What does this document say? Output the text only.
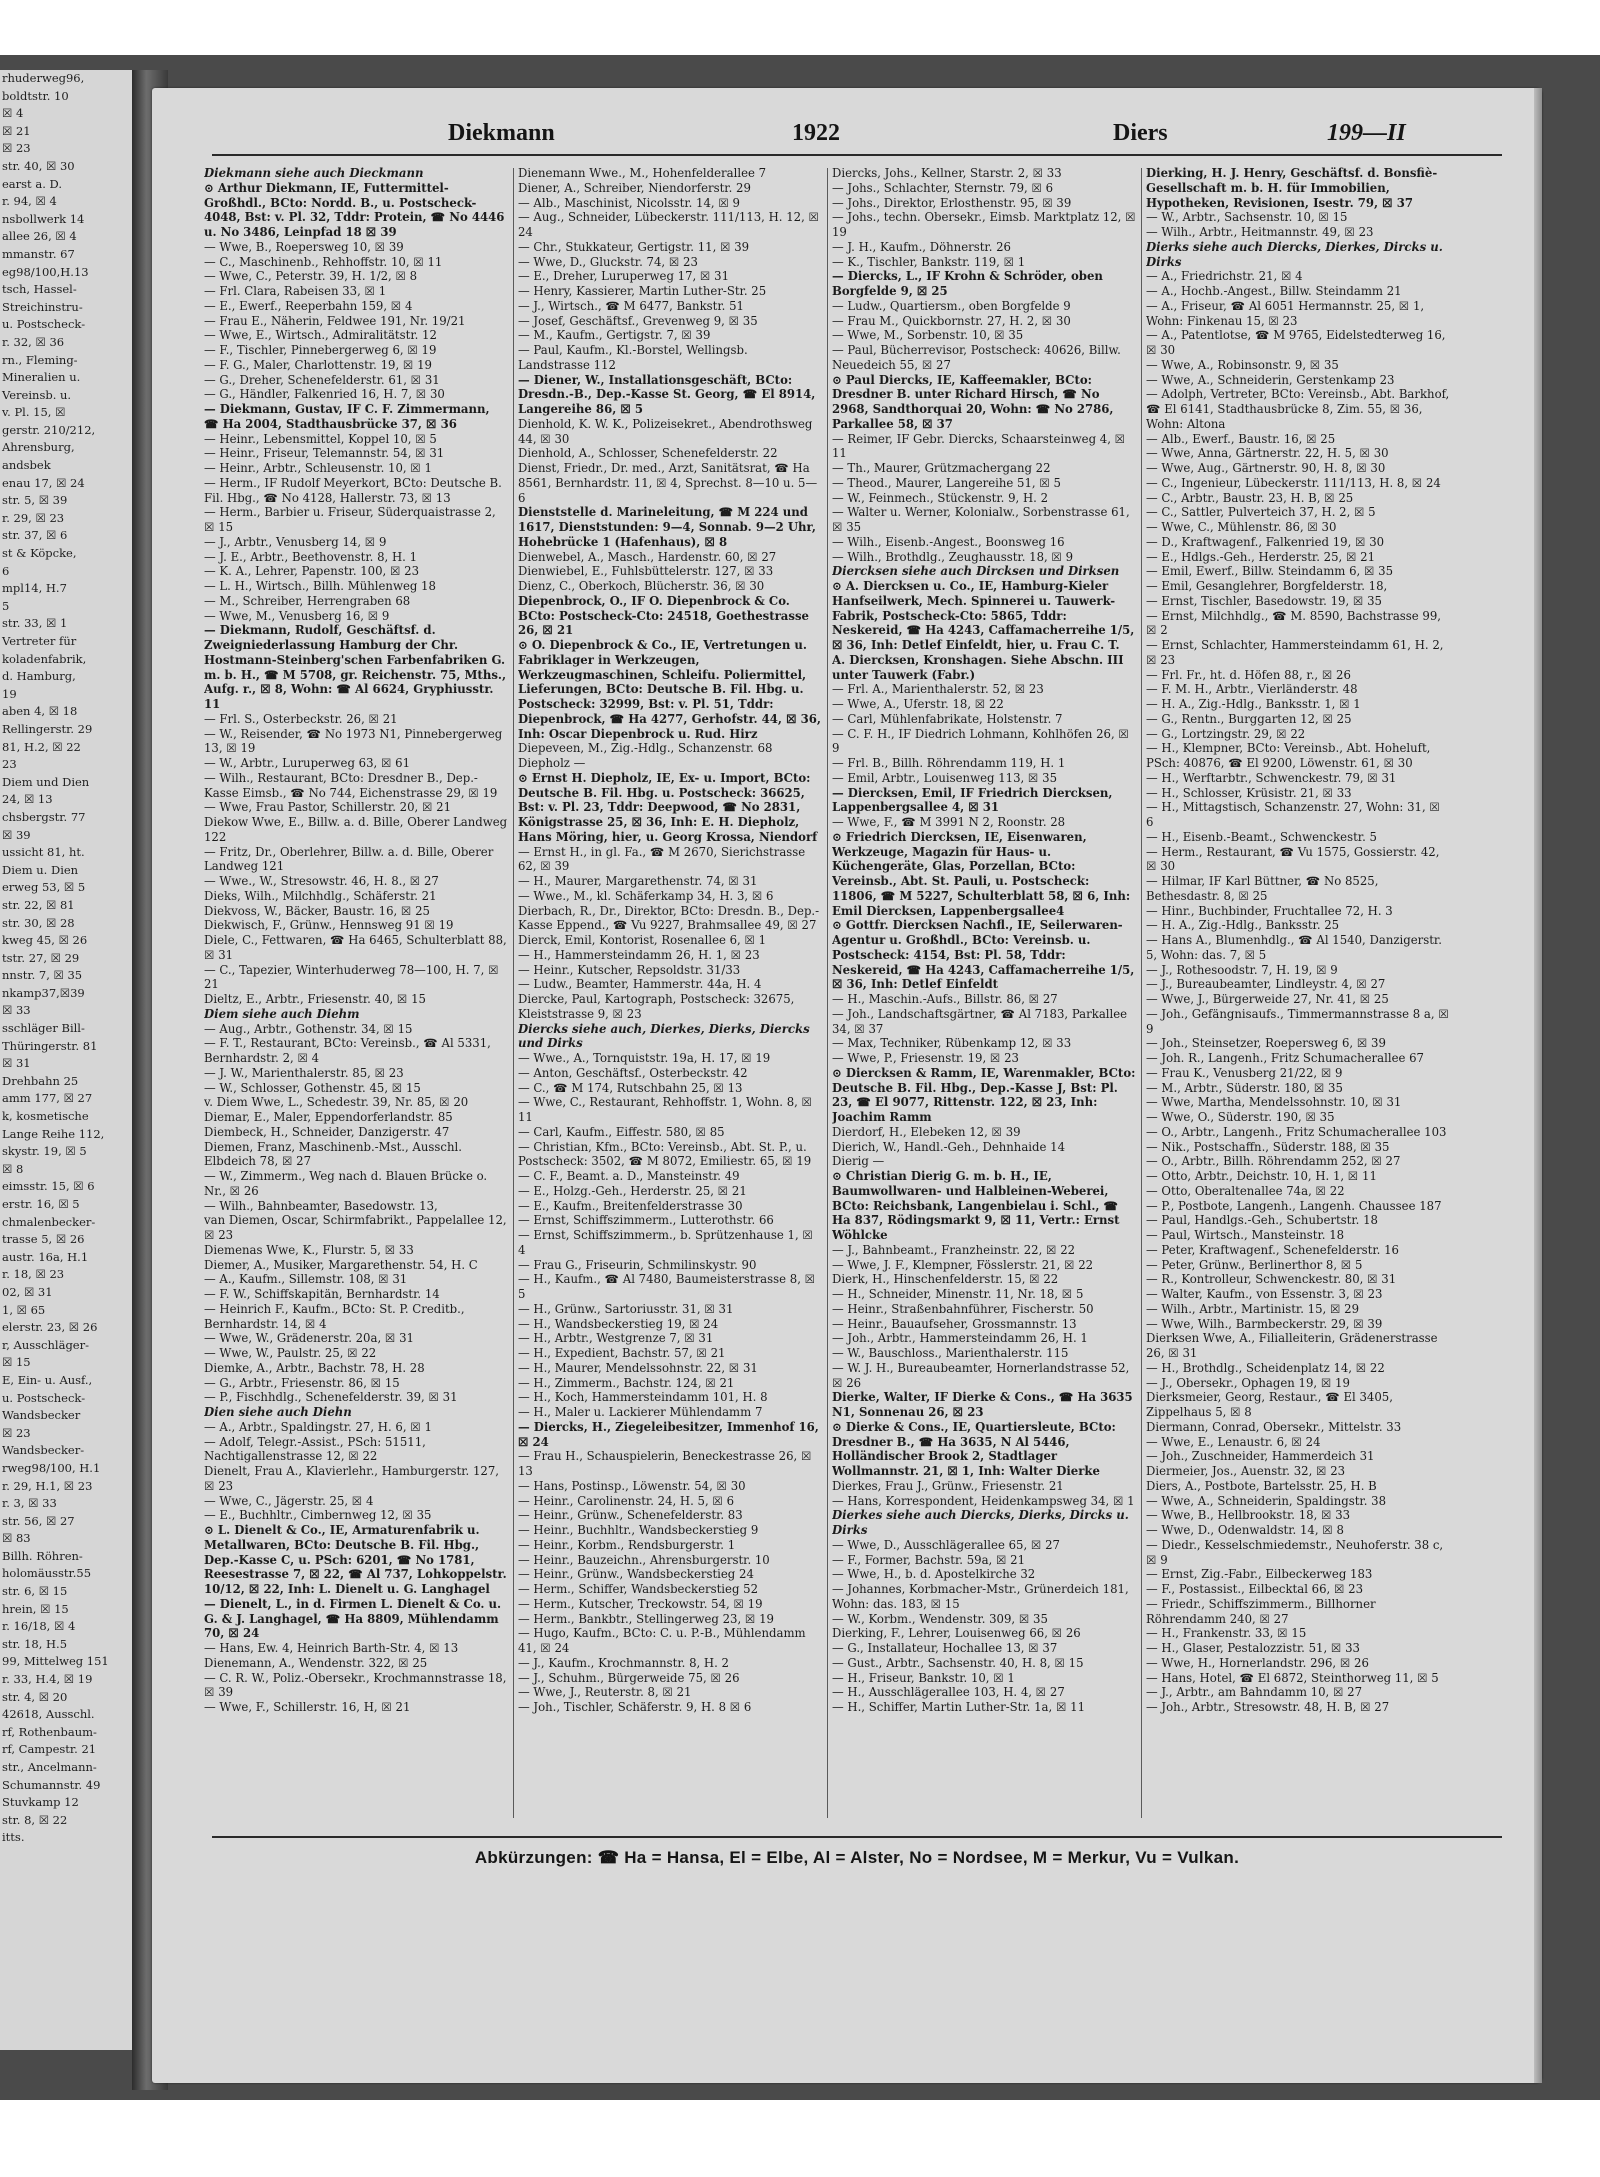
rhuderweg96,
boldtstr. 10
☒ 4
☒ 21
☒ 23
str. 40, ☒ 30
earst a. D.
r. 94, ☒ 4
nsbollwerk 14
allee 26, ☒ 4
mmanstr. 67
eg98/100,H.13
tsch, Hassel-
Streichinstru-
u. Postscheck-
r. 32, ☒ 36
rn., Fleming-
Mineralien u.
Vereinsb. u.
v. Pl. 15, ☒
gerstr. 210/212,
Ahrensburg,
andsbek
enau 17, ☒ 24
str. 5, ☒ 39
r. 29, ☒ 23
str. 37, ☒ 6
st & Köpcke,
6
mpl14, H.7
5
str. 33, ☒ 1
Vertreter für
koladenfabrik,
d. Hamburg,
19
aben 4, ☒ 18
Rellingerstr. 29
81, H.2, ☒ 22
23
Diem und Dien
24, ☒ 13
chsbergstr. 77
☒ 39
ussicht 81, ht.
Diem u. Dien
erweg 53, ☒ 5
str. 22, ☒ 81
str. 30, ☒ 28
kweg 45, ☒ 26
tstr. 27, ☒ 29
nnstr. 7, ☒ 35
nkamp37,☒39
☒ 33
sschläger Bill-
Thüringerstr. 81
☒ 31
Drehbahn 25
amm 177, ☒ 27
k, kosmetische
Lange Reihe 112,
skystr. 19, ☒ 5
☒ 8
eimsstr. 15, ☒ 6
erstr. 16, ☒ 5
chmalenbecker-
trasse 5, ☒ 26
austr. 16a, H.1
r. 18, ☒ 23
02, ☒ 31
1, ☒ 65
elerstr. 23, ☒ 26
r, Ausschläger-
☒ 15
E, Ein- u. Ausf.,
u. Postscheck-
Wandsbecker
☒ 23
Wandsbecker-
rweg98/100, H.1
r. 29, H.1, ☒ 23
r. 3, ☒ 33
str. 56, ☒ 27
☒ 83
Billh. Röhren-
holomäusstr.55
str. 6, ☒ 15
hrein, ☒ 15
r. 16/18, ☒ 4
str. 18, H.5
99, Mittelweg 151
r. 33, H.4, ☒ 19
str. 4, ☒ 20
42618, Ausschl.
rf, Rothenbaum-
rf, Campestr. 21
str., Ancelmann-
Schumannstr. 49
Stuvkamp 12
str. 8, ☒ 22
itts.
Diekmann	1922	Diers	199—II

Diekmann siehe auch Dieckmann

⊙ Arthur Diekmann, IE, Futtermittel-Großhdl., BCto: Nordd. B., u. Postscheck- 4048, Bst: v. Pl. 32, Tddr: Protein, ☎ No 4446 u. No 3486, Leinpfad 18 ☒ 39

— Wwe, B., Roepersweg 10, ☒ 39

— C., Maschinenb., Rehhoffstr. 10, ☒ 11

— Wwe, C., Peterstr. 39, H. 1/2, ☒ 8

— Frl. Clara, Rabeisen 33, ☒ 1

— E., Ewerf., Reeperbahn 159, ☒ 4

— Frau E., Näherin, Feldwee 191, Nr. 19/21

— Wwe, E., Wirtsch., Admiralitätstr. 12

— F., Tischler, Pinnebergerweg 6, ☒ 19

— F. G., Maler, Charlottenstr. 19, ☒ 19

— G., Dreher, Schenefelderstr. 61, ☒ 31

— G., Händler, Falkenried 16, H. 7, ☒ 30

— Diekmann, Gustav, IF C. F. Zimmermann, ☎ Ha 2004, Stadthausbrücke 37, ☒ 36

— Heinr., Lebensmittel, Koppel 10, ☒ 5

— Heinr., Friseur, Telemannstr. 54, ☒ 31

— Heinr., Arbtr., Schleusenstr. 10, ☒ 1

— Herm., IF Rudolf Meyerkort, BCto: Deutsche B. Fil. Hbg., ☎ No 4128, Hallerstr. 73, ☒ 13

— Herm., Barbier u. Friseur, Süderquaistrasse 2, ☒ 15

— J., Arbtr., Venusberg 14, ☒ 9

— J. E., Arbtr., Beethovenstr. 8, H. 1

— K. A., Lehrer, Papenstr. 100, ☒ 23

— L. H., Wirtsch., Billh. Mühlenweg 18

— M., Schreiber, Herrengraben 68

— Wwe, M., Venusberg 16, ☒ 9

— Diekmann, Rudolf, Geschäftsf. d. Zweigniederlassung Hamburg der Chr. Hostmann-Steinberg'schen Farbenfabriken G. m. b. H., ☎ M 5708, gr. Reichenstr. 75, Mths., Aufg. r., ☒ 8, Wohn: ☎ Al 6624, Gryphiusstr. 11

— Frl. S., Osterbeckstr. 26, ☒ 21

— W., Reisender, ☎ No 1973 N1, Pinnebergerweg 13, ☒ 19

— W., Arbtr., Luruperweg 63, ☒ 61

— Wilh., Restaurant, BCto: Dresdner B., Dep.-Kasse Eimsb., ☎ No 744, Eichenstrasse 29, ☒ 19

— Wwe, Frau Pastor, Schillerstr. 20, ☒ 21

Diekow Wwe, E., Billw. a. d. Bille, Oberer Landweg 122

— Fritz, Dr., Oberlehrer, Billw. a. d. Bille, Oberer Landweg 121

— Wwe., W., Stresowstr. 46, H. 8., ☒ 27

Dieks, Wilh., Milchhdlg., Schäferstr. 21

Diekvoss, W., Bäcker, Baustr. 16, ☒ 25

Diekwisch, F., Grünw., Hennsweg 91 ☒ 19

Diele, C., Fettwaren, ☎ Ha 6465, Schulterblatt 88, ☒ 31

— C., Tapezier, Winterhuderweg 78—100, H. 7, ☒ 21

Dieltz, E., Arbtr., Friesenstr. 40, ☒ 15

Diem siehe auch Diehm

— Aug., Arbtr., Gothenstr. 34, ☒ 15

— F. T., Restaurant, BCto: Vereinsb., ☎ Al 5331, Bernhardstr. 2, ☒ 4

— J. W., Marienthalerstr. 85, ☒ 23

— W., Schlosser, Gothenstr. 45, ☒ 15

v. Diem Wwe, L., Schedestr. 39, Nr. 85, ☒ 20

Diemar, E., Maler, Eppendorferlandstr. 85

Diembeck, H., Schneider, Danzigerstr. 47

Diemen, Franz, Maschinenb.-Mst., Ausschl. Elbdeich 78, ☒ 27

— W., Zimmerm., Weg nach d. Blauen Brücke o. Nr., ☒ 26

— Wilh., Bahnbeamter, Basedowstr. 13,

van Diemen, Oscar, Schirmfabrikt., Pappelallee 12, ☒ 23

Diemenas Wwe, K., Flurstr. 5, ☒ 33

Diemer, A., Musiker, Margarethenstr. 54, H. C

— A., Kaufm., Sillemstr. 108, ☒ 31

— F. W., Schiffskapitän, Bernhardstr. 14

— Heinrich F., Kaufm., BCto: St. P. Creditb., Bernhardstr. 14, ☒ 4

— Wwe, W., Grädenerstr. 20a, ☒ 31

— Wwe, W., Paulstr. 25, ☒ 22

Diemke, A., Arbtr., Bachstr. 78, H. 28

— G., Arbtr., Friesenstr. 86, ☒ 15

— P., Fischhdlg., Schenefelderstr. 39, ☒ 31

Dien siehe auch Diehn

— A., Arbtr., Spaldingstr. 27, H. 6, ☒ 1

— Adolf, Telegr.-Assist., PSch: 51511, Nachtigallenstrasse 12, ☒ 22

Dienelt, Frau A., Klavierlehr., Hamburgerstr. 127, ☒ 23

— Wwe, C., Jägerstr. 25, ☒ 4

— E., Buchhltr., Cimbernweg 12, ☒ 35

⊙ L. Dienelt & Co., IE, Armaturenfabrik u. Metallwaren, BCto: Deutsche B. Fil. Hbg., Dep.-Kasse C, u. PSch: 6201, ☎ No 1781, Reesestrasse 7, ☒ 22, ☎ Al 737, Lohkoppelstr. 10/12, ☒ 22, Inh: L. Dienelt u. G. Langhagel

— Dienelt, L., in d. Firmen L. Dienelt & Co. u. G. & J. Langhagel, ☎ Ha 8809, Mühlendamm 70, ☒ 24

— Hans, Ew. 4, Heinrich Barth-Str. 4, ☒ 13

Dienemann, A., Wendenstr. 322, ☒ 25

— C. R. W., Poliz.-Obersekr., Krochmannstrasse 18, ☒ 39

— Wwe, F., Schillerstr. 16, H, ☒ 21

Dienemann Wwe., M., Hohenfelderallee 7

Diener, A., Schreiber, Niendorferstr. 29

— Alb., Maschinist, Nicolsstr. 14, ☒ 9

— Aug., Schneider, Lübeckerstr. 111/113, H. 12, ☒ 24

— Chr., Stukkateur, Gertigstr. 11, ☒ 39

— Wwe, D., Gluckstr. 74, ☒ 23

— E., Dreher, Luruperweg 17, ☒ 31

— Henry, Kassierer, Martin Luther-Str. 25

— J., Wirtsch., ☎ M 6477, Bankstr. 51

— Josef, Geschäftsf., Grevenweg 9, ☒ 35

— M., Kaufm., Gertigstr. 7, ☒ 39

— Paul, Kaufm., Kl.-Borstel, Wellingsb. Landstrasse 112

— Diener, W., Installationsgeschäft, BCto: Dresdn.-B., Dep.-Kasse St. Georg, ☎ El 8914, Langereihe 86, ☒ 5

Dienhold, K. W. K., Polizeisekret., Abendrothsweg 44, ☒ 30

Dienhold, A., Schlosser, Schenefelderstr. 22

Dienst, Friedr., Dr. med., Arzt, Sanitätsrat, ☎ Ha 8561, Bernhardstr. 11, ☒ 4, Sprechst. 8—10 u. 5—6

Dienststelle d. Marineleitung, ☎ M 224 und 1617, Dienststunden: 9—4, Sonnab. 9—2 Uhr, Hohebrücke 1 (Hafenhaus), ☒ 8

Dienwebel, A., Masch., Hardenstr. 60, ☒ 27

Dienwiebel, E., Fuhlsbüttelerstr. 127, ☒ 33

Dienz, C., Oberkoch, Blücherstr. 36, ☒ 30

Diepenbrock, O., IF O. Diepenbrock & Co. BCto: Postscheck-Cto: 24518, Goethestrasse 26, ☒ 21

⊙ O. Diepenbrock & Co., IE, Vertretungen u. Fabriklager in Werkzeugen, Werkzeugmaschinen, Schleifu. Poliermittel, Lieferungen, BCto: Deutsche B. Fil. Hbg. u. Postscheck: 32999, Bst: v. Pl. 51, Tddr: Diepenbrock, ☎ Ha 4277, Gerhofstr. 44, ☒ 36, Inh: Oscar Diepenbrock u. Rud. Hirz

Diepeveen, M., Zig.-Hdlg., Schanzenstr. 68

Diepholz —

⊙ Ernst H. Diepholz, IE, Ex- u. Import, BCto: Deutsche B. Fil. Hbg. u. Postscheck: 36625, Bst: v. Pl. 23, Tddr: Deepwood, ☎ No 2831, Königstrasse 25, ☒ 36, Inh: E. H. Diepholz, Hans Möring, hier, u. Georg Krossa, Niendorf

— Ernst H., in gl. Fa., ☎ M 2670, Sierichstrasse 62, ☒ 39

— H., Maurer, Margarethenstr. 74, ☒ 31

— Wwe., M., kl. Schäferkamp 34, H. 3, ☒ 6

Dierbach, R., Dr., Direktor, BCto: Dresdn. B., Dep.-Kasse Eppend., ☎ Vu 9227, Brahmsallee 49, ☒ 27

Dierck, Emil, Kontorist, Rosenallee 6, ☒ 1

— H., Hammersteindamm 26, H. 1, ☒ 23

— Heinr., Kutscher, Repsoldstr. 31/33

— Ludw., Beamter, Hammerstr. 44a, H. 4

Diercke, Paul, Kartograph, Postscheck: 32675, Kleiststrasse 9, ☒ 23

Diercks siehe auch, Dierkes, Dierks, Diercks und Dirks

— Wwe., A., Tornquiststr. 19a, H. 17, ☒ 19

— Anton, Geschäftsf., Osterbeckstr. 42

— C., ☎ M 174, Rutschbahn 25, ☒ 13

— Wwe, C., Restaurant, Rehhoffstr. 1, Wohn. 8, ☒ 11

— Carl, Kaufm., Eiffestr. 580, ☒ 85

— Christian, Kfm., BCto: Vereinsb., Abt. St. P., u. Postscheck: 3502, ☎ M 8072, Emiliestr. 65, ☒ 19

— C. F., Beamt. a. D., Mansteinstr. 49

— E., Holzg.-Geh., Herderstr. 25, ☒ 21

— E., Kaufm., Breitenfelderstrasse 30

— Ernst, Schiffszimmerm., Lutterothstr. 66

— Ernst, Schiffszimmerm., b. Sprützenhause 1, ☒ 4

— Frau G., Friseurin, Schmilinskystr. 90

— H., Kaufm., ☎ Al 7480, Baumeisterstrasse 8, ☒ 5

— H., Grünw., Sartoriusstr. 31, ☒ 31

— H., Wandsbeckerstieg 19, ☒ 24

— H., Arbtr., Westgrenze 7, ☒ 31

— H., Expedient, Bachstr. 57, ☒ 21

— H., Maurer, Mendelssohnstr. 22, ☒ 31

— H., Zimmerm., Bachstr. 124, ☒ 21

— H., Koch, Hammersteindamm 101, H. 8

— H., Maler u. Lackierer Mühlendamm 7

— Diercks, H., Ziegeleibesitzer, Immenhof 16, ☒ 24

— Frau H., Schauspielerin, Beneckestrasse 26, ☒ 13

— Hans, Postinsp., Löwenstr. 54, ☒ 30

— Heinr., Carolinenstr. 24, H. 5, ☒ 6

— Heinr., Grünw., Schenefelderstr. 83

— Heinr., Buchhltr., Wandsbeckerstieg 9

— Heinr., Korbm., Rendsburgerstr. 1

— Heinr., Bauzeichn., Ahrensburgerstr. 10

— Heinr., Grünw., Wandsbeckerstieg 24

— Herm., Schiffer, Wandsbeckerstieg 52

— Herm., Kutscher, Treckowstr. 54, ☒ 19

— Herm., Bankbtr., Stellingerweg 23, ☒ 19

— Hugo, Kaufm., BCto: C. u. P.-B., Mühlendamm 41, ☒ 24

— J., Kaufm., Krochmannstr. 8, H. 2

— J., Schuhm., Bürgerweide 75, ☒ 26

— Wwe, J., Reuterstr. 8, ☒ 21

— Joh., Tischler, Schäferstr. 9, H. 8 ☒ 6

Diercks, Johs., Kellner, Starstr. 2, ☒ 33

— Johs., Schlachter, Sternstr. 79, ☒ 6

— Johs., Direktor, Erlosthenstr. 95, ☒ 39

— Johs., techn. Obersekr., Eimsb. Marktplatz 12, ☒ 19

— J. H., Kaufm., Döhnerstr. 26

— K., Tischler, Bankstr. 119, ☒ 1

— Diercks, L., IF Krohn & Schröder, oben Borgfelde 9, ☒ 25

— Ludw., Quartiersm., oben Borgfelde 9

— Frau M., Quickbornstr. 27, H. 2, ☒ 30

— Wwe, M., Sorbenstr. 10, ☒ 35

— Paul, Bücherrevisor, Postscheck: 40626, Billw. Neuedeich 55, ☒ 27

⊙ Paul Diercks, IE, Kaffeemakler, BCto: Dresdner B. unter Richard Hirsch, ☎ No 2968, Sandthorquai 20, Wohn: ☎ No 2786, Parkallee 58, ☒ 37

— Reimer, IF Gebr. Diercks, Schaarsteinweg 4, ☒ 11

— Th., Maurer, Grützmachergang 22

— Theod., Maurer, Langereihe 51, ☒ 5

— W., Feinmech., Stückenstr. 9, H. 2

— Walter u. Werner, Kolonialw., Sorbenstrasse 61, ☒ 35

— Wilh., Eisenb.-Angest., Boonsweg 16

— Wilh., Brothdlg., Zeughausstr. 18, ☒ 9

Diercksen siehe auch Dircksen und Dirksen

⊙ A. Diercksen u. Co., IE, Hamburg-Kieler Hanfseilwerk, Mech. Spinnerei u. Tauwerk-Fabrik, Postscheck-Cto: 5865, Tddr: Neskereid, ☎ Ha 4243, Caffamacherreihe 1/5, ☒ 36, Inh: Detlef Einfeldt, hier, u. Frau C. T. A. Diercksen, Kronshagen. Siehe Abschn. III unter Tauwerk (Fabr.)

— Frl. A., Marienthalerstr. 52, ☒ 23

— Wwe, A., Uferstr. 18, ☒ 22

— Carl, Mühlenfabrikate, Holstenstr. 7

— C. F. H., IF Diedrich Lohmann, Kohlhöfen 26, ☒ 9

— Frl. B., Billh. Röhrendamm 119, H. 1

— Emil, Arbtr., Louisenweg 113, ☒ 35

— Diercksen, Emil, IF Friedrich Diercksen, Lappenbergsallee 4, ☒ 31

— Wwe, F., ☎ M 3991 N 2, Roonstr. 28

⊙ Friedrich Diercksen, IE, Eisenwaren, Werkzeuge, Magazin für Haus- u. Küchengeräte, Glas, Porzellan, BCto: Vereinsb., Abt. St. Pauli, u. Postscheck: 11806, ☎ M 5227, Schulterblatt 58, ☒ 6, Inh: Emil Diercksen, Lappenbergsallee4

⊙ Gottfr. Diercksen Nachfl., IE, Seilerwaren-Agentur u. Großhdl., BCto: Vereinsb. u. Postscheck: 4154, Bst: Pl. 58, Tddr: Neskereid, ☎ Ha 4243, Caffamacherreihe 1/5, ☒ 36, Inh: Detlef Einfeldt

— H., Maschin.-Aufs., Billstr. 86, ☒ 27

— Joh., Landschaftsgärtner, ☎ Al 7183, Parkallee 34, ☒ 37

— Max, Techniker, Rübenkamp 12, ☒ 33

— Wwe, P., Friesenstr. 19, ☒ 23

⊙ Diercksen & Ramm, IE, Warenmakler, BCto: Deutsche B. Fil. Hbg., Dep.-Kasse J, Bst: Pl. 23, ☎ El 9077, Rittenstr. 122, ☒ 23, Inh: Joachim Ramm

Dierdorf, H., Elebeken 12, ☒ 39

Dierich, W., Handl.-Geh., Dehnhaide 14

Dierig —

⊙ Christian Dierig G. m. b. H., IE, Baumwollwaren- und Halbleinen-Weberei, BCto: Reichsbank, Langenbielau i. Schl., ☎ Ha 837, Rödingsmarkt 9, ☒ 11, Vertr.: Ernst Wöhlcke

— J., Bahnbeamt., Franzheinstr. 22, ☒ 22

— Wwe, J. F., Klempner, Fösslerstr. 21, ☒ 22

Dierk, H., Hinschenfelderstr. 15, ☒ 22

— H., Schneider, Minenstr. 11, Nr. 18, ☒ 5

— Heinr., Straßenbahnführer, Fischerstr. 50

— Heinr., Bauaufseher, Grossmannstr. 13

— Joh., Arbtr., Hammersteindamm 26, H. 1

— W., Bauschloss., Marienthalerstr. 115

— W. J. H., Bureaubeamter, Hornerlandstrasse 52, ☒ 26

Dierke, Walter, IF Dierke & Cons., ☎ Ha 3635 N1, Sonnenau 26, ☒ 23

⊙ Dierke & Cons., IE, Quartiersleute, BCto: Dresdner B., ☎ Ha 3635, N Al 5446, Holländischer Brook 2, Stadtlager Wollmannstr. 21, ☒ 1, Inh: Walter Dierke

Dierkes, Frau J., Grünw., Friesenstr. 21

— Hans, Korrespondent, Heidenkampsweg 34, ☒ 1

Dierkes siehe auch Diercks, Dierks, Dircks u. Dirks

— Wwe, D., Ausschlägerallee 65, ☒ 27

— F., Former, Bachstr. 59a, ☒ 21

— Wwe, H., b. d. Apostelkirche 32

— Johannes, Korbmacher-Mstr., Grünerdeich 181, Wohn: das. 183, ☒ 15

— W., Korbm., Wendenstr. 309, ☒ 35

Dierking, F., Lehrer, Louisenweg 66, ☒ 26

— G., Installateur, Hochallee 13, ☒ 37

— Gust., Arbtr., Sachsenstr. 40, H. 8, ☒ 15

— H., Friseur, Bankstr. 10, ☒ 1

— H., Ausschlägerallee 103, H. 4, ☒ 27

— H., Schiffer, Martin Luther-Str. 1a, ☒ 11

Dierking, H. J. Henry, Geschäftsf. d. Bonsfiè-Gesellschaft m. b. H. für Immobilien, Hypotheken, Revisionen, Isestr. 79, ☒ 37

— W., Arbtr., Sachsenstr. 10, ☒ 15

— Wilh., Arbtr., Heitmannstr. 49, ☒ 23

Dierks siehe auch Diercks, Dierkes, Dircks u. Dirks

— A., Friedrichstr. 21, ☒ 4

— A., Hochb.-Angest., Billw. Steindamm 21

— A., Friseur, ☎ Al 6051 Hermannstr. 25, ☒ 1, Wohn: Finkenau 15, ☒ 23

— A., Patentlotse, ☎ M 9765, Eidelstedterweg 16, ☒ 30

— Wwe, A., Robinsonstr. 9, ☒ 35

— Wwe, A., Schneiderin, Gerstenkamp 23

— Adolph, Vertreter, BCto: Vereinsb., Abt. Barkhof, ☎ El 6141, Stadthausbrücke 8, Zim. 55, ☒ 36, Wohn: Altona

— Alb., Ewerf., Baustr. 16, ☒ 25

— Wwe, Anna, Gärtnerstr. 22, H. 5, ☒ 30

— Wwe, Aug., Gärtnerstr. 90, H. 8, ☒ 30

— C., Ingenieur, Lübeckerstr. 111/113, H. 8, ☒ 24

— C., Arbtr., Baustr. 23, H. B, ☒ 25

— C., Sattler, Pulverteich 37, H. 2, ☒ 5

— Wwe, C., Mühlenstr. 86, ☒ 30

— D., Kraftwagenf., Falkenried 19, ☒ 30

— E., Hdlgs.-Geh., Herderstr. 25, ☒ 21

— Emil, Ewerf., Billw. Steindamm 6, ☒ 35

— Emil, Gesanglehrer, Borgfelderstr. 18,

— Ernst, Tischler, Basedowstr. 19, ☒ 35

— Ernst, Milchhdlg., ☎ M. 8590, Bachstrasse 99, ☒ 2

— Ernst, Schlachter, Hammersteindamm 61, H. 2, ☒ 23

— Frl. Fr., ht. d. Höfen 88, r., ☒ 26

— F. M. H., Arbtr., Vierländerstr. 48

— H. A., Zig.-Hdlg., Banksstr. 1, ☒ 1

— G., Rentn., Burggarten 12, ☒ 25

— G., Lortzingstr. 29, ☒ 22

— H., Klempner, BCto: Vereinsb., Abt. Hoheluft, PSch: 40876, ☎ El 9200, Löwenstr. 61, ☒ 30

— H., Werftarbtr., Schwenckestr. 79, ☒ 31

— H., Schlosser, Krüsistr. 21, ☒ 33

— H., Mittagstisch, Schanzenstr. 27, Wohn: 31, ☒ 6

— H., Eisenb.-Beamt., Schwenckestr. 5

— Herm., Restaurant, ☎ Vu 1575, Gossierstr. 42, ☒ 30

— Hilmar, IF Karl Büttner, ☎ No 8525, Bethesdastr. 8, ☒ 25

— Hinr., Buchbinder, Fruchtallee 72, H. 3

— H. A., Zig.-Hdlg., Banksstr. 25

— Hans A., Blumenhdlg., ☎ Al 1540, Danzigerstr. 5, Wohn: das. 7, ☒ 5

— J., Rothesoodstr. 7, H. 19, ☒ 9

— J., Bureaubeamter, Lindleystr. 4, ☒ 27

— Wwe, J., Bürgerweide 27, Nr. 41, ☒ 25

— Joh., Gefängnisaufs., Timmermannstrasse 8 a, ☒ 9

— Joh., Steinsetzer, Roepersweg 6, ☒ 39

— Joh. R., Langenh., Fritz Schumacherallee 67

— Frau K., Venusberg 21/22, ☒ 9

— M., Arbtr., Süderstr. 180, ☒ 35

— Wwe, Martha, Mendelssohnstr. 10, ☒ 31

— Wwe, O., Süderstr. 190, ☒ 35

— O., Arbtr., Langenh., Fritz Schumacherallee 103

— Nik., Postschaffn., Süderstr. 188, ☒ 35

— O., Arbtr., Billh. Röhrendamm 252, ☒ 27

— Otto, Arbtr., Deichstr. 10, H. 1, ☒ 11

— Otto, Oberaltenallee 74a, ☒ 22

— P., Postbote, Langenh., Langenh. Chaussee 187

— Paul, Handlgs.-Geh., Schubertstr. 18

— Paul, Wirtsch., Mansteinstr. 18

— Peter, Kraftwagenf., Schenefelderstr. 16

— Peter, Grünw., Berlinerthor 8, ☒ 5

— R., Kontrolleur, Schwenckestr. 80, ☒ 31

— Walter, Kaufm., von Essenstr. 3, ☒ 23

— Wilh., Arbtr., Martinistr. 15, ☒ 29

— Wwe, Wilh., Barmbeckerstr. 29, ☒ 39

Dierksen Wwe, A., Filialleiterin, Grädenerstrasse 26, ☒ 31

— H., Brothdlg., Scheidenplatz 14, ☒ 22

— J., Obersekr., Ophagen 19, ☒ 19

Dierksmeier, Georg, Restaur., ☎ El 3405, Zippelhaus 5, ☒ 8

Diermann, Conrad, Obersekr., Mittelstr. 33

— Wwe, E., Lenaustr. 6, ☒ 24

— Joh., Zuschneider, Hammerdeich 31

Diermeier, Jos., Auenstr. 32, ☒ 23

Diers, A., Postbote, Bartelsstr. 25, H. B

— Wwe, A., Schneiderin, Spaldingstr. 38

— Wwe, B., Hellbrookstr. 18, ☒ 33

— Wwe, D., Odenwaldstr. 14, ☒ 8

— Diedr., Kesselschmiedemstr., Neuhoferstr. 38 c, ☒ 9

— Ernst, Zig.-Fabr., Eilbeckerweg 183

— F., Postassist., Eilbecktal 66, ☒ 23

— Friedr., Schiffszimmerm., Billhorner Röhrendamm 240, ☒ 27

— H., Frankenstr. 33, ☒ 15

— H., Glaser, Pestalozzistr. 51, ☒ 33

— Wwe, H., Hornerlandstr. 296, ☒ 26

— Hans, Hotel, ☎ El 6872, Steinthorweg 11, ☒ 5

— J., Arbtr., am Bahndamm 10, ☒ 27

— Joh., Arbtr., Stresowstr. 48, H. B, ☒ 27

Abkürzungen: ☎ Ha = Hansa, El = Elbe, Al = Alster, No = Nordsee, M = Merkur, Vu = Vulkan.
